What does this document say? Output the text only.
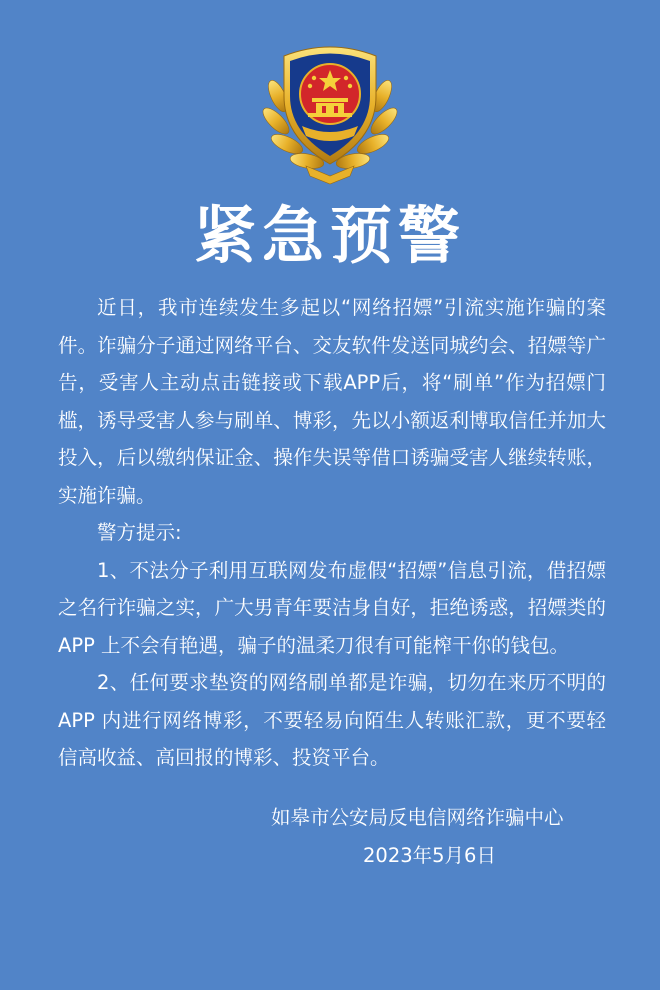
紧急预警

近日，我市连续发生多起以“网络招嫖”引流实施诈骗的案件。诈骗分子通过网络平台、交友软件发送同城约会、招嫖等广告，受害人主动点击链接或下载APP后，将“刷单”作为招嫖门槛，诱导受害人参与刷单、博彩，先以小额返利博取信任并加大投入，后以缴纳保证金、操作失误等借口诱骗受害人继续转账，实施诈骗。

警方提示:

1、不法分子利用互联网发布虚假“招嫖”信息引流，借招嫖之名行诈骗之实，广大男青年要洁身自好，拒绝诱惑，招嫖类的 APP 上不会有艳遇，骗子的温柔刀很有可能榨干你的钱包。

2、任何要求垫资的网络刷单都是诈骗，切勿在来历不明的 APP 内进行网络博彩，不要轻易向陌生人转账汇款，更不要轻信高收益、高回报的博彩、投资平台。

如皋市公安局反电信网络诈骗中心
2023年5月6日
